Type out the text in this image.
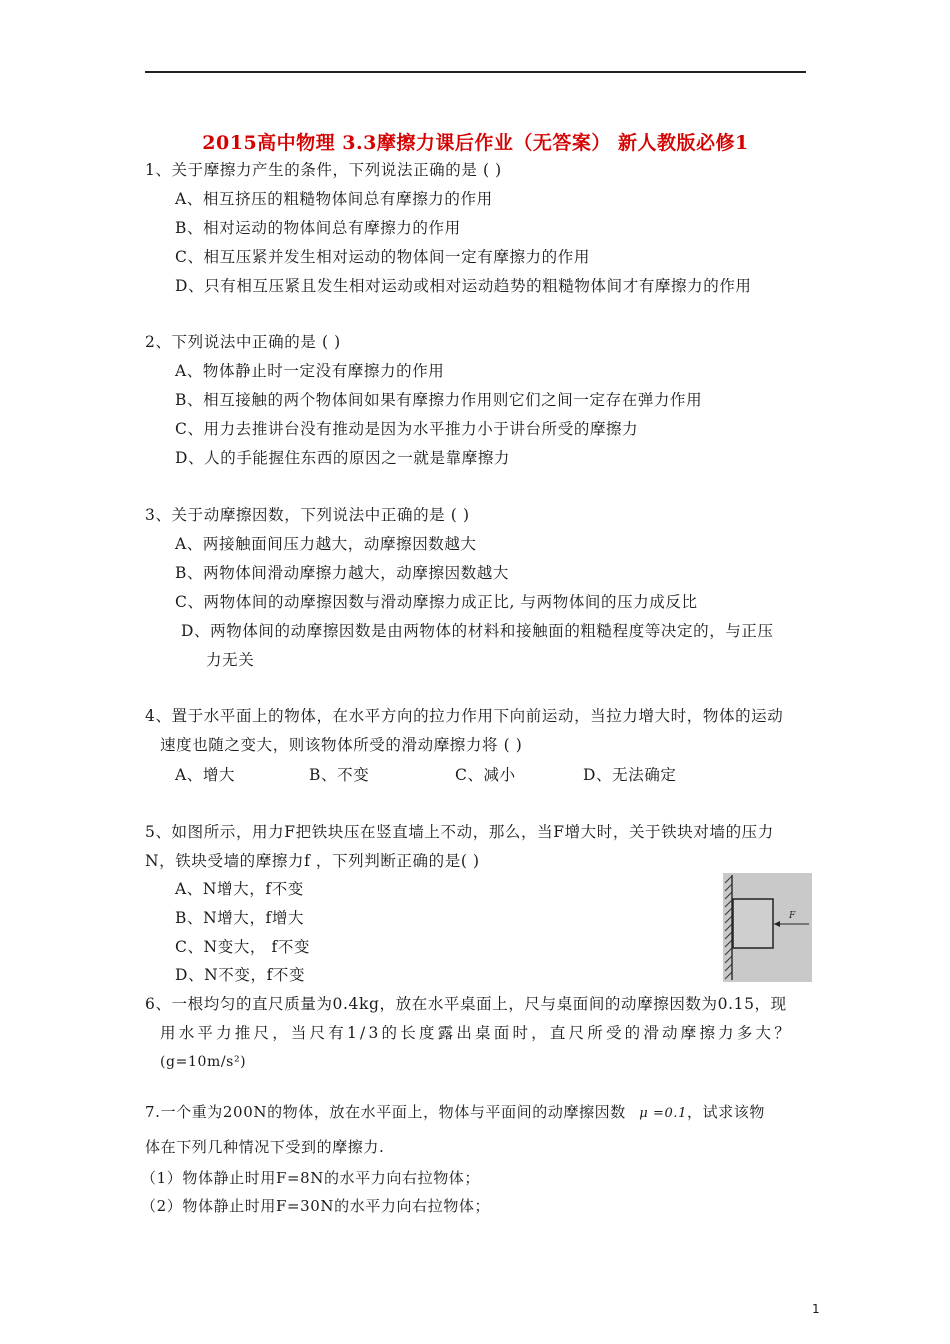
2015高中物理 3.3摩擦力课后作业（无答案） 新人教版必修1
1、关于摩擦力产生的条件，下列说法正确的是 ( )
A、相互挤压的粗糙物体间总有摩擦力的作用
B、相对运动的物体间总有摩擦力的作用
C、相互压紧并发生相对运动的物体间一定有摩擦力的作用
D、只有相互压紧且发生相对运动或相对运动趋势的粗糙物体间才有摩擦力的作用
2、下列说法中正确的是 ( )
A、物体静止时一定没有摩擦力的作用
B、相互接触的两个物体间如果有摩擦力作用则它们之间一定存在弹力作用
C、用力去推讲台没有推动是因为水平推力小于讲台所受的摩擦力
D、人的手能握住东西的原因之一就是靠摩擦力
3、关于动摩擦因数，下列说法中正确的是 ( )
A、两接触面间压力越大，动摩擦因数越大
B、两物体间滑动摩擦力越大，动摩擦因数越大
C、两物体间的动摩擦因数与滑动摩擦力成正比, 与两物体间的压力成反比
D、两物体间的动摩擦因数是由两物体的材料和接触面的粗糙程度等决定的，与正压
力无关
4、置于水平面上的物体，在水平方向的拉力作用下向前运动，当拉力增大时，物体的运动
速度也随之变大，则该物体所受的滑动摩擦力将 ( )
A、增大	B、不变	C、减小	D、无法确定
5、如图所示，用力F把铁块压在竖直墙上不动，那么，当F增大时，关于铁块对墙的压力
N，铁块受墙的摩擦力f ，下列判断正确的是( )
A、N增大，f不变
B、N增大，f增大
C、N变大， f不变
D、N不变，f不变
F
6、一根均匀的直尺质量为0.4kg，放在水平桌面上，尺与桌面间的动摩擦因数为0.15，现
用水平力推尺，当尺有1/3的长度露出桌面时，直尺所受的滑动摩擦力多大？
(g=10m/s²)
7.一个重为200N的物体，放在水平面上，物体与平面间的动摩擦因数 μ =0.1，试求该物
体在下列几种情况下受到的摩擦力.
（1）物体静止时用F=8N的水平力向右拉物体；
（2）物体静止时用F=30N的水平力向右拉物体；
1
